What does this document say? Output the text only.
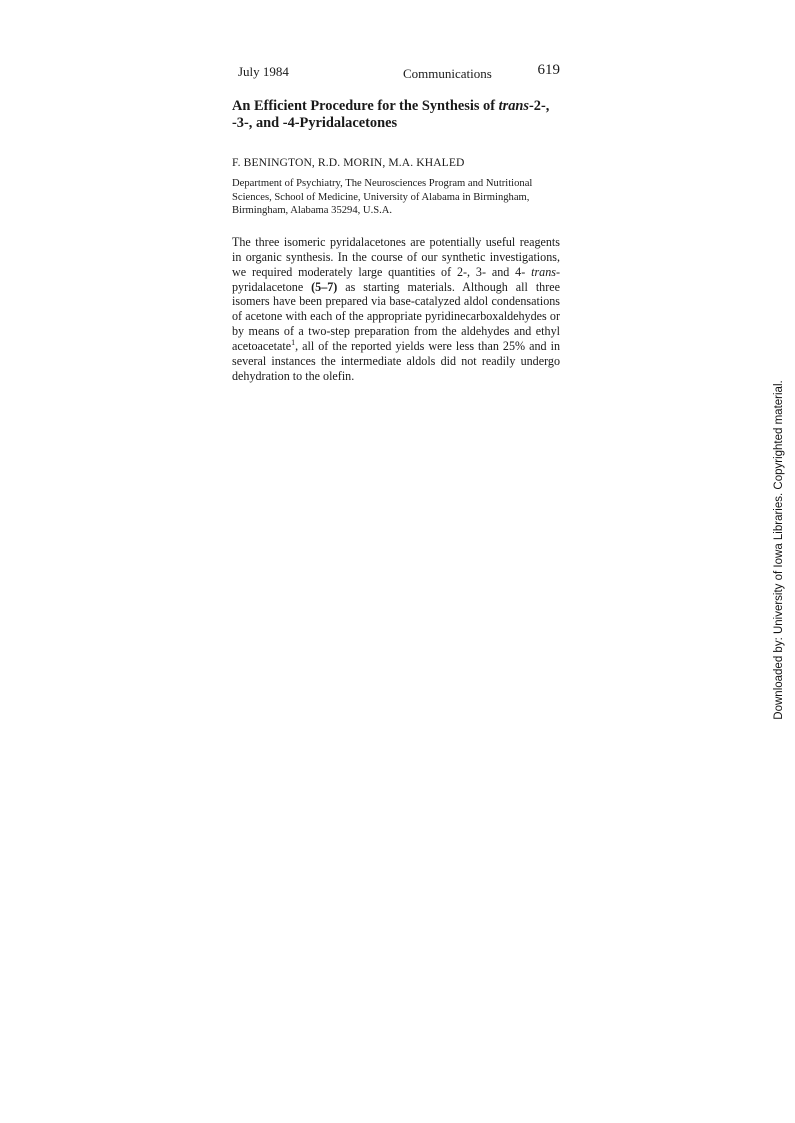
July 1984	Communications	619
An Efficient Procedure for the Synthesis of trans-2-, -3-, and -4-Pyridalacetones
F. BENINGTON, R.D. MORIN, M.A. KHALED
Department of Psychiatry, The Neurosciences Program and Nutritional Sciences, School of Medicine, University of Alabama in Birmingham, Birmingham, Alabama 35294, U.S.A.

The three isomeric pyridalacetones are potentially useful reagents in organic synthesis. In the course of our synthetic investigations, we required moderately large quantities of 2-, 3- and 4- trans-pyridalacetone (5–7) as starting materials. Although all three isomers have been prepared via base-catalyzed aldol condensations of acetone with each of the appropriate pyridinecarboxaldehydes or by means of a two-step preparation from the aldehydes and ethyl acetoacetate$^1$, all of the reported yields were less than 25% and in several instances the intermediate aldols did not readily undergo dehydration to the olefin.

Downloaded by: University of Iowa Libraries. Copyrighted material.
